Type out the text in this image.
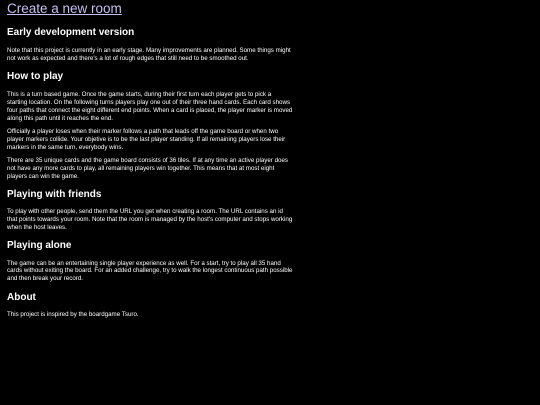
Create a new room
Early development version

Note that this project is currently in an early stage. Many improvements are planned. Some things might not work as expected and there's a lot of rough edges that still need to be smoothed out.

How to play

This is a turn based game. Once the game starts, during their first turn each player gets to pick a starting location. On the following turns players play one out of their three hand cards. Each card shows four paths that connect the eight different end points. When a card is placed, the player marker is moved along this path until it reaches the end.

Officially a player loses when their marker follows a path that leads off the game board or when two player markers collide. Your objetive is to be the last player standing. If all remaining players lose their markers in the same turn, everybody wins.

There are 35 unique cards and the game board consists of 36 tiles. If at any time an active player does not have any more cards to play, all remaining players win together. This means that at most eight players can win the game.

Playing with friends

To play with other people, send them the URL you get when creating a room. The URL contains an id that points towards your room. Note that the room is managed by the host's computer and stops working when the host leaves.

Playing alone

The game can be an entertaining single player experience as well. For a start, try to play all 35 hand cards without exiting the board. For an added challenge, try to walk the longest continuous path possible and then break your record.

About

This project is inspired by the boardgame Tsuro.
